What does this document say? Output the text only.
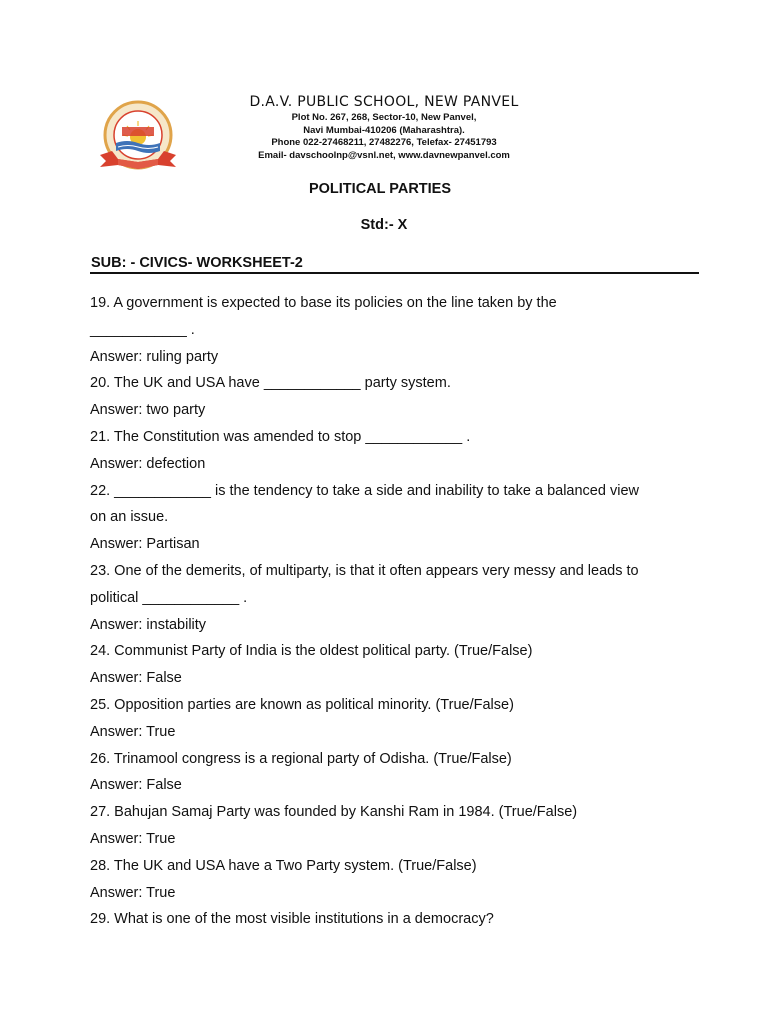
D.A.V. PUBLIC SCHOOL, NEW PANVEL
Plot No. 267, 268, Sector-10, New Panvel,
Navi Mumbai-410206 (Maharashtra).
Phone 022-27468211, 27482276, Telefax- 27451793
Email- davschoolnp@vsnl.net, www.davnewpanvel.com
POLITICAL PARTIES
Std:- X
SUB: - CIVICS- WORKSHEET-2
19. A government is expected to base its policies on the line taken by the
____________ .
Answer: ruling party
20. The UK and USA have ____________ party system.
Answer: two party
21. The Constitution was amended to stop ____________ .
Answer: defection
22. ____________ is the tendency to take a side and inability to take a balanced view
on an issue.
Answer: Partisan
23. One of the demerits, of multiparty, is that it often appears very messy and leads to
political ____________ .
Answer: instability
24. Communist Party of India is the oldest political party. (True/False)
Answer: False
25. Opposition parties are known as political minority. (True/False)
Answer: True
26. Trinamool congress is a regional party of Odisha. (True/False)
Answer: False
27. Bahujan Samaj Party was founded by Kanshi Ram in 1984. (True/False)
Answer: True
28. The UK and USA have a Two Party system. (True/False)
Answer: True
29. What is one of the most visible institutions in a democracy?
